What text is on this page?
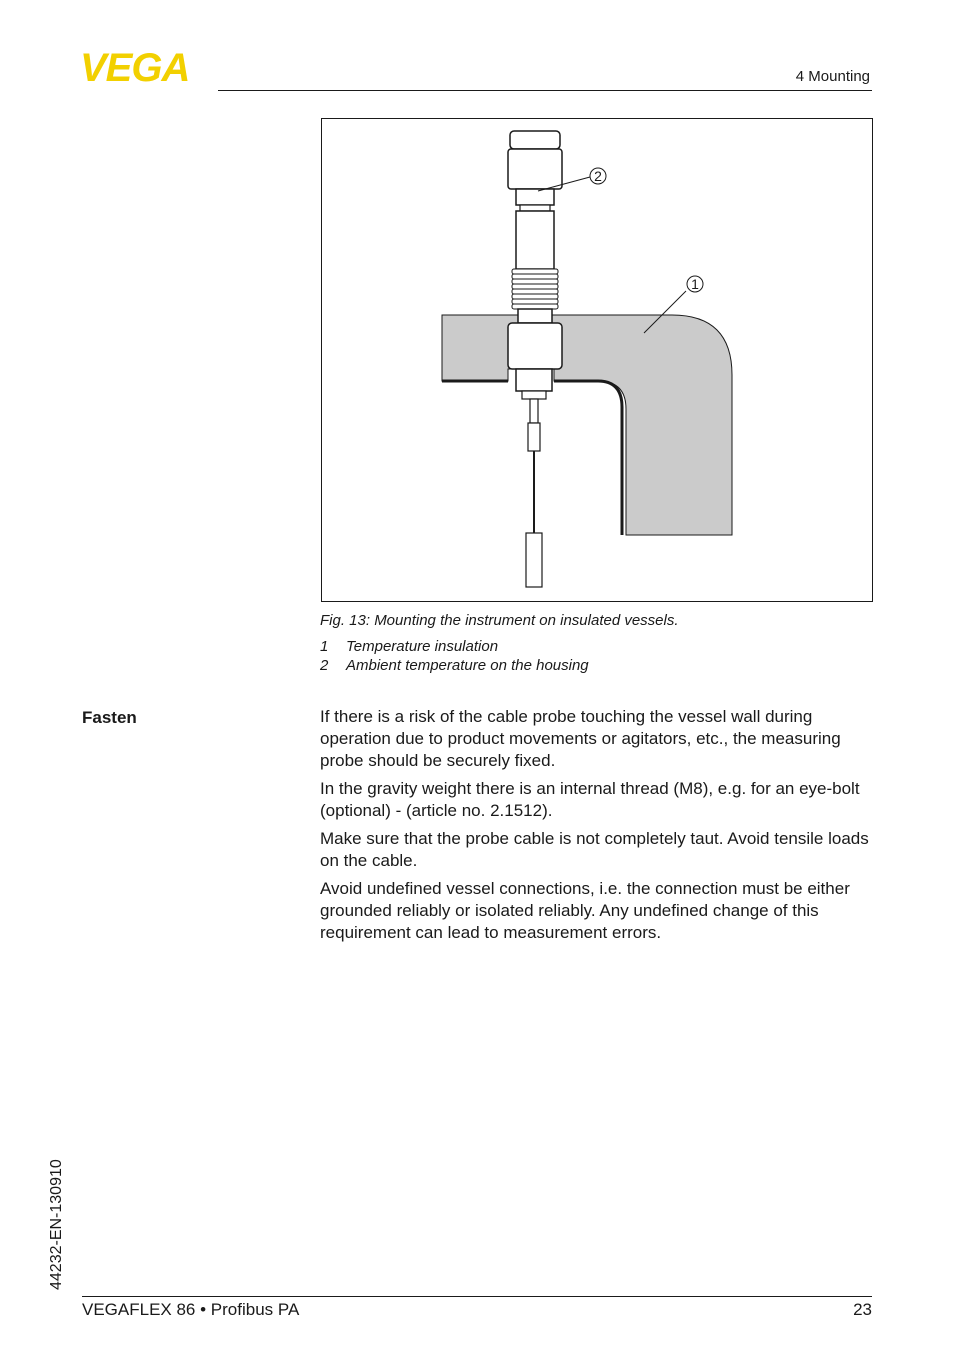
VEGA	4 Mounting
2
1
Fig. 13: Mounting the instrument on insulated vessels.
1	Temperature insulation
2	Ambient temperature on the housing
Fasten	If there is a risk of the cable probe touching the vessel wall during operation due to product movements or agitators, etc., the measuring probe should be securely fixed.

In the gravity weight there is an internal thread (M8), e.g. for an eye-bolt (optional) - (article no. 2.1512).

Make sure that the probe cable is not completely taut. Avoid tensile loads on the cable.

Avoid undefined vessel connections, i.e. the connection must be either grounded reliably or isolated reliably. Any undefined change of this requirement can lead to measurement errors.

44232-EN-130910
VEGAFLEX 86 • Profibus PA	23
